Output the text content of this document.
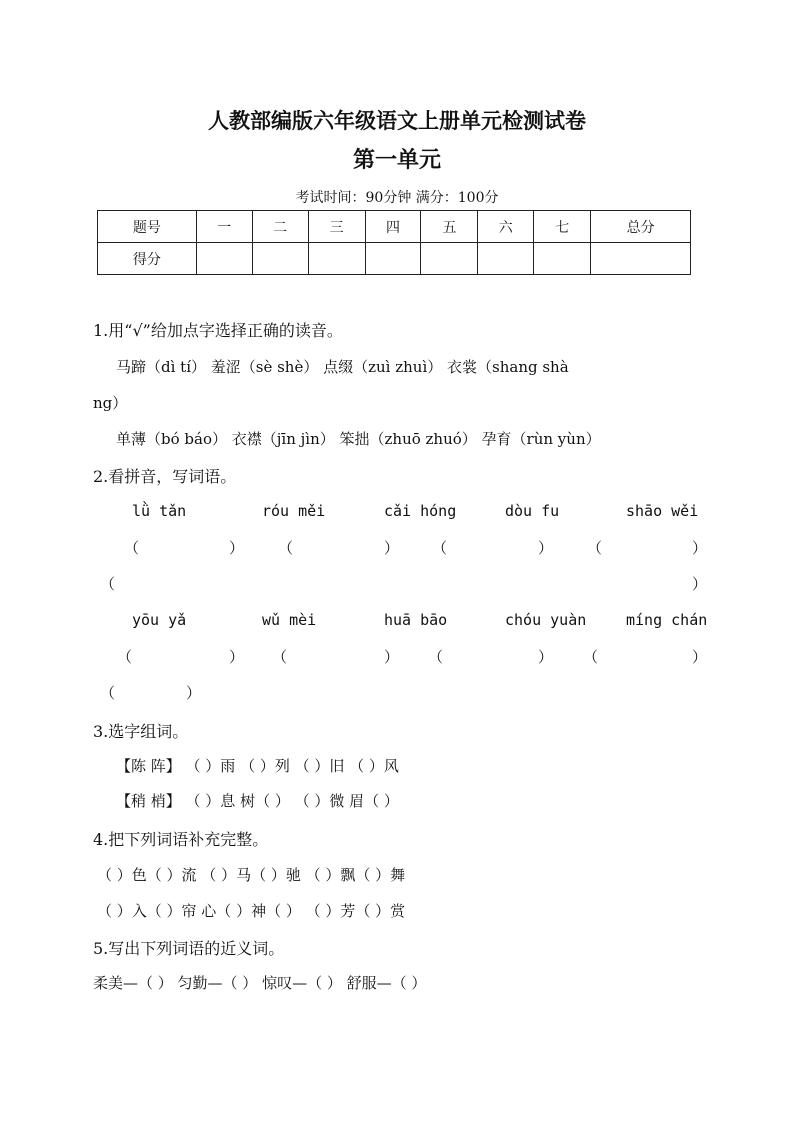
人教部编版六年级语文上册单元检测试卷
第一单元
考试时间：90分钟 满分：100分
题号	一	二	三	四	五	六	七	总分
得分								
1.用“√”给加点字选择正确的读音。
马蹄（dì tí） 羞涩（sè shè） 点缀（zuì zhuì） 衣裳（shang shà
ng）
单薄（bó báo） 衣襟（jīn jìn） 笨拙（zhuō zhuó） 孕育（rùn yùn）
2.看拼音，写词语。
lǜ tǎn	róu měi	cǎi hóng	dòu fu	shāo wěi
（	） （	） （	） （	）
（	）
yōu yǎ	wǔ mèi	huā bāo	chóu yuàn	míng chán
（	） （	） （	） （	）
（	）
3.选字组词。
【陈 阵】 （ ）雨 （ ）列 （ ）旧 （ ）风
【稍 梢】 （ ）息 树（ ） （ ）微 眉（ ）
4.把下列词语补充完整。
（ ）色（ ）流 （ ）马（ ）驰 （ ）飘（ ）舞
（ ）入（ ）帘 心（ ）神（ ） （ ）芳（ ）赏
5.写出下列词语的近义词。
柔美—（ ） 匀勤—（ ） 惊叹—（ ） 舒服—（ ）
